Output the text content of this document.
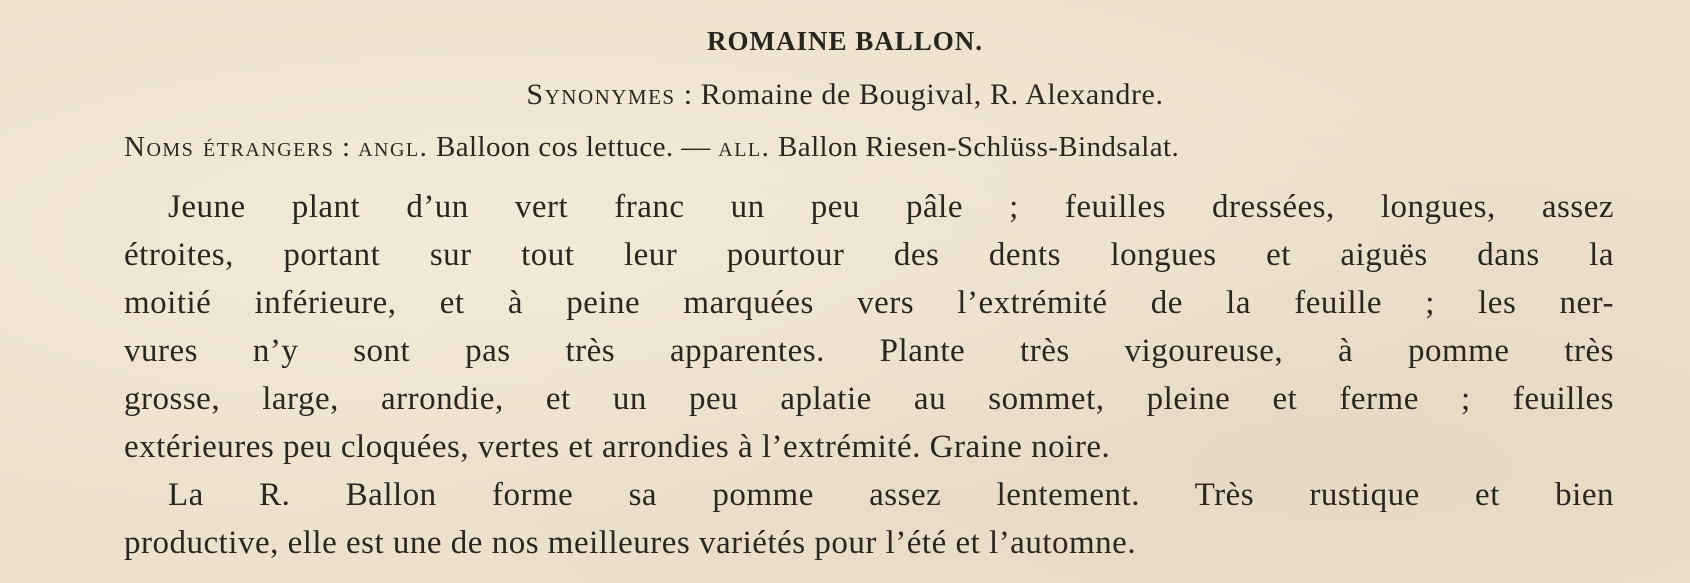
ROMAINE BALLON.
Synonymes : Romaine de Bougival, R. Alexandre.
Noms étrangers : angl. Balloon cos lettuce. — all. Ballon Riesen-Schlüss-Bindsalat.
Jeune plant d’un vert franc un peu pâle ; feuilles dressées, longues, assez
étroites, portant sur tout leur pourtour des dents longues et aiguës dans la
moitié inférieure, et à peine marquées vers l’extrémité de la feuille ; les ner-
vures n’y sont pas très apparentes. Plante très vigoureuse, à pomme très
grosse, large, arrondie, et un peu aplatie au sommet, pleine et ferme ; feuilles
extérieures peu cloquées, vertes et arrondies à l’extrémité. Graine noire.
La R. Ballon forme sa pomme assez lentement. Très rustique et bien
productive, elle est une de nos meilleures variétés pour l’été et l’automne.
